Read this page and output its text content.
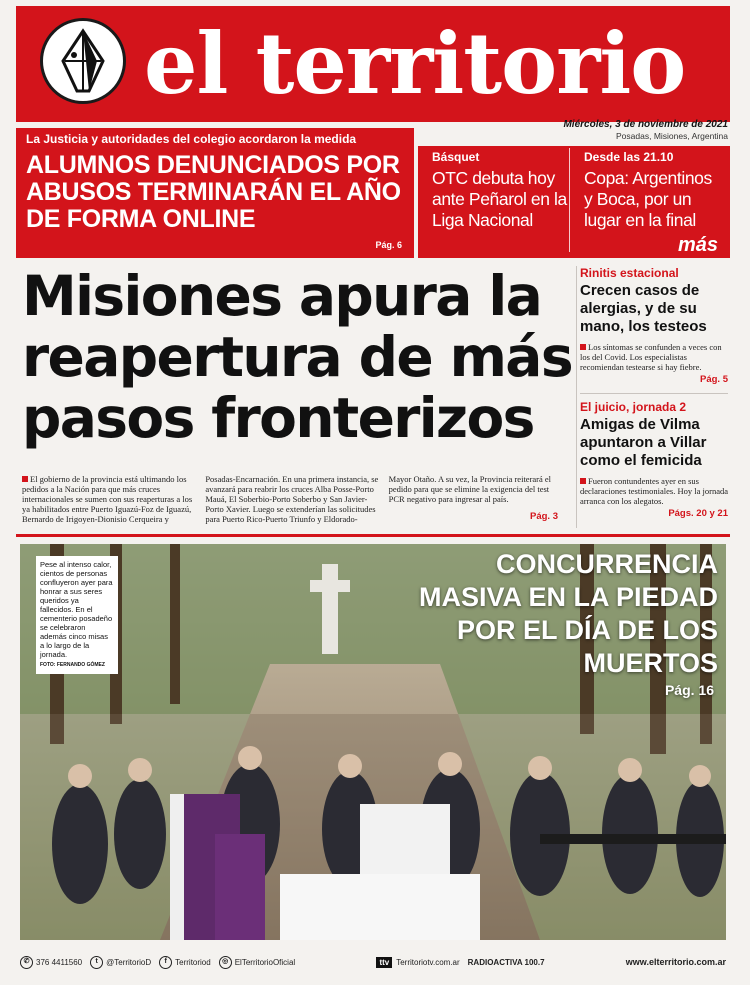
el territorio
Miércoles, 3 de noviembre de 2021
Posadas, Misiones, Argentina
La Justicia y autoridades del colegio acordaron la medida
ALUMNOS DENUNCIADOS POR ABUSOS TERMINARÁN EL AÑO DE FORMA ONLINE
Pág. 6
Básquet
OTC debuta hoy ante Peñarol en la Liga Nacional
Desde las 21.10
Copa: Argentinos y Boca, por un lugar en la final
más
Misiones apura la reapertura de más pasos fronterizos
El gobierno de la provincia está ultimando los pedidos a la Nación para que más cruces internacionales se sumen con sus reaperturas a los ya habilitados entre Puerto Iguazú-Foz de Iguazú, Bernardo de Irigoyen-Dionisio Cerqueira y Posadas-Encarnación. En una primera instancia, se avanzará para reabrir los cruces Alba Posse-Porto Mauá, El Soberbio-Porto Soberbo y San Javier-Porto Xavier. Luego se extenderían las solicitudes para Puerto Rico-Puerto Triunfo y Eldorado-Mayor Otaño. A su vez, la Provincia reiterará el pedido para que se elimine la exigencia del test PCR negativo para ingresar al país.
Pág. 3
Rinitis estacional
Crecen casos de alergias, y de su mano, los testeos
Los síntomas se confunden a veces con los del Covid. Los especialistas recomiendan testearse si hay fiebre.
Pág. 5
El juicio, jornada 2
Amigas de Vilma apuntaron a Villar como el femicida
Fueron contundentes ayer en sus declaraciones testimoniales. Hoy la jornada arranca con los alegatos.
Págs. 20 y 21
Pese al intenso calor, cientos de personas confluyeron ayer para honrar a sus seres queridos ya fallecidos. En el cementerio posadeño se celebraron además cinco misas a lo largo de la jornada.
FOTO: FERNANDO GÓMEZ
CONCURRENCIA MASIVA EN LA PIEDAD POR EL DÍA DE LOS MUERTOS
Pág. 16
✆ 376 4411560	t	@TerritorioD	f	Territoriod	◎ ElTerritorioOficial	ttv Territoriotv.com.ar RADIOACTIVA 100.7	www.elterritorio.com.ar
